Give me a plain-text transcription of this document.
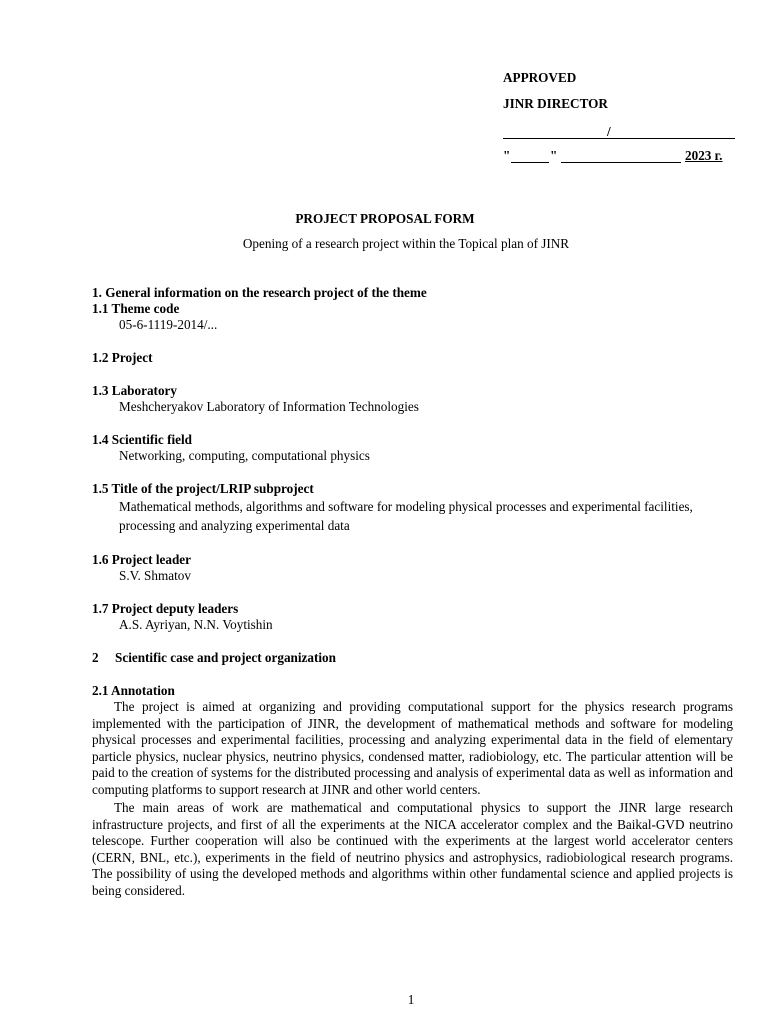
APPROVED
JINR DIRECTOR
/
"	"	2023 г.
PROJECT PROPOSAL FORM
Opening of a research project within the Topical plan of JINR
1. General information on the research project of the theme
1.1 Theme code
05-6-1119-2014/...
1.2 Project
1.3 Laboratory
Meshcheryakov Laboratory of Information Technologies
1.4 Scientific field
Networking, computing, computational physics
1.5 Title of the project/LRIP subproject
Mathematical methods, algorithms and software for modeling physical processes and experimental facilities, processing and analyzing experimental data
1.6 Project leader
S.V. Shmatov
1.7 Project deputy leaders
A.S. Ayriyan, N.N. Voytishin
2 Scientific case and project organization
2.1 Annotation
The project is aimed at organizing and providing computational support for the physics research programs implemented with the participation of JINR, the development of mathematical methods and software for modeling physical processes and experimental facilities, processing and analyzing experimental data in the field of elementary particle physics, nuclear physics, neutrino physics, condensed matter, radiobiology, etc. The particular attention will be paid to the creation of systems for the distributed processing and analysis of experimental data as well as information and computing platforms to support research at JINR and other world centers.
The main areas of work are mathematical and computational physics to support the JINR large research infrastructure projects, and first of all the experiments at the NICA accelerator complex and the Baikal-GVD neutrino telescope. Further cooperation will also be continued with the experiments at the largest world accelerator centers (CERN, BNL, etc.), experiments in the field of neutrino physics and astrophysics, radiobiological research programs. The possibility of using the developed methods and algorithms within other fundamental science and applied projects is being considered.
1
